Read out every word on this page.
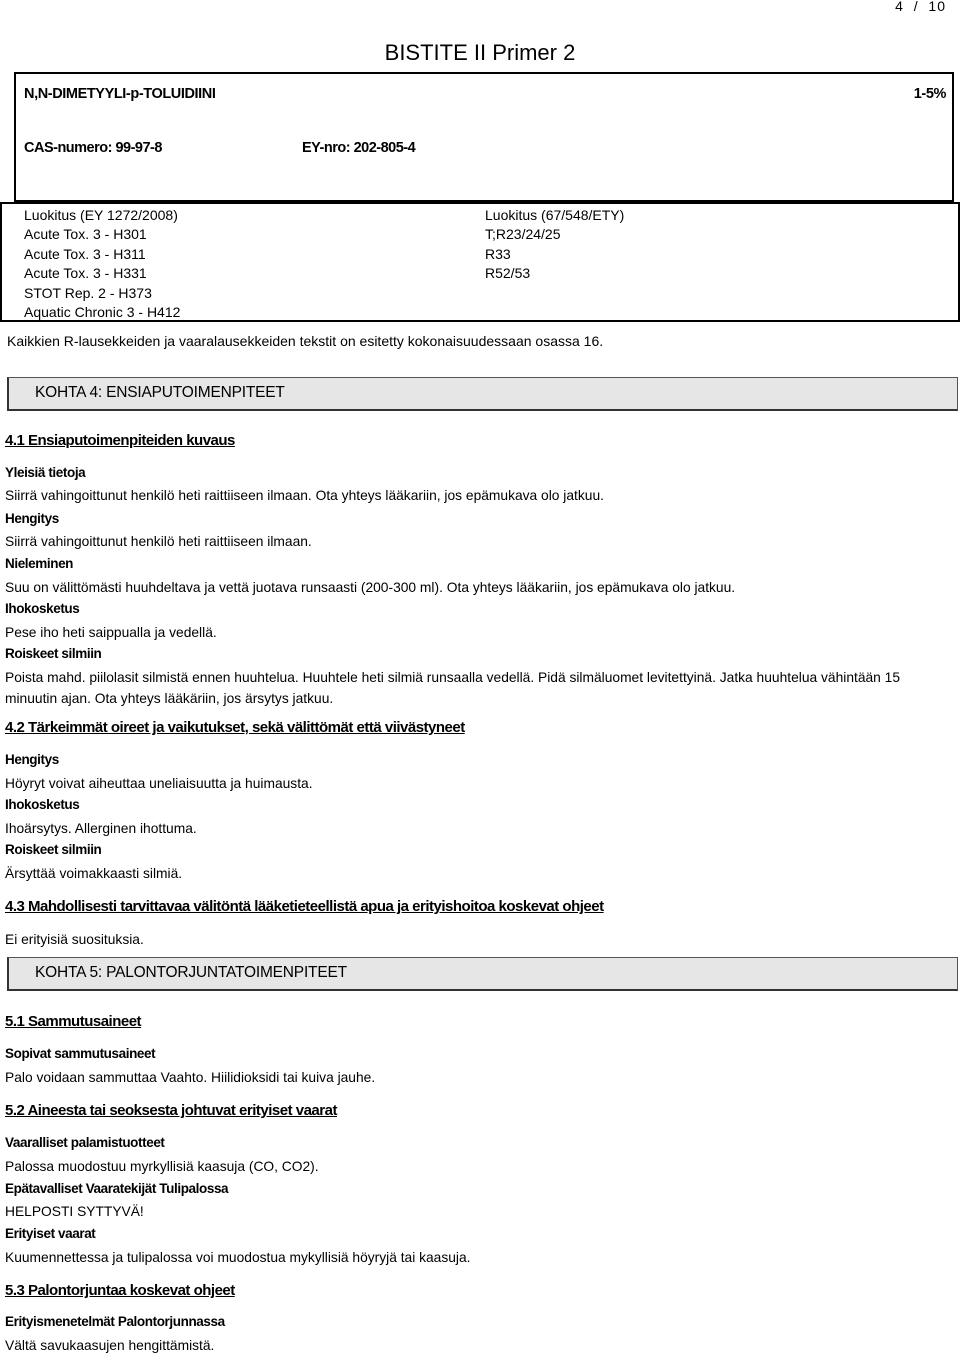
4 / 10
BISTITE II Primer 2
N,N-DIMETYYLI-p-TOLUIDIINI	1-5%
CAS-numero: 99-97-8	EY-nro: 202-805-4
Luokitus (EY 1272/2008)
Acute Tox. 3 - H301
Acute Tox. 3 - H311
Acute Tox. 3 - H331
STOT Rep. 2 - H373
Aquatic Chronic 3 - H412
Luokitus (67/548/ETY)
T;R23/24/25
R33
R52/53
Kaikkien R-lausekkeiden ja vaaralausekkeiden tekstit on esitetty kokonaisuudessaan osassa 16.
KOHTA 4: ENSIAPUTOIMENPITEET
4.1 Ensiaputoimenpiteiden kuvaus
Yleisiä tietoja
Siirrä vahingoittunut henkilö heti raittiiseen ilmaan. Ota yhteys lääkariin, jos epämukava olo jatkuu.
Hengitys
Siirrä vahingoittunut henkilö heti raittiiseen ilmaan.
Nieleminen
Suu on välittömästi huuhdeltava ja vettä juotava runsaasti (200-300 ml). Ota yhteys lääkariin, jos epämukava olo jatkuu.
Ihokosketus
Pese iho heti saippualla ja vedellä.
Roiskeet silmiin
Poista mahd. piilolasit silmistä ennen huuhtelua. Huuhtele heti silmiä runsaalla vedellä. Pidä silmäluomet levitettyinä. Jatka huuhtelua vähintään 15 minuutin ajan. Ota yhteys lääkäriin, jos ärsytys jatkuu.
4.2 Tärkeimmät oireet ja vaikutukset, sekä välittömät että viivästyneet
Hengitys
Höyryt voivat aiheuttaa uneliaisuutta ja huimausta.
Ihokosketus
Ihoärsytys. Allerginen ihottuma.
Roiskeet silmiin
Ärsyttää voimakkaasti silmiä.
4.3 Mahdollisesti tarvittavaa välitöntä lääketieteellistä apua ja erityishoitoa koskevat ohjeet
Ei erityisiä suosituksia.
KOHTA 5: PALONTORJUNTATOIMENPITEET
5.1 Sammutusaineet
Sopivat sammutusaineet
Palo voidaan sammuttaa Vaahto. Hiilidioksidi tai kuiva jauhe.
5.2 Aineesta tai seoksesta johtuvat erityiset vaarat
Vaaralliset palamistuotteet
Palossa muodostuu myrkyllisiä kaasuja (CO, CO2).
Epätavalliset Vaaratekijät Tulipalossa
HELPOSTI SYTTYVÄ!
Erityiset vaarat
Kuumennettessa ja tulipalossa voi muodostua mykyllisiä höyryjä tai kaasuja.
5.3 Palontorjuntaa koskevat ohjeet
Erityismenetelmät Palontorjunnassa
Vältä savukaasujen hengittämistä.
